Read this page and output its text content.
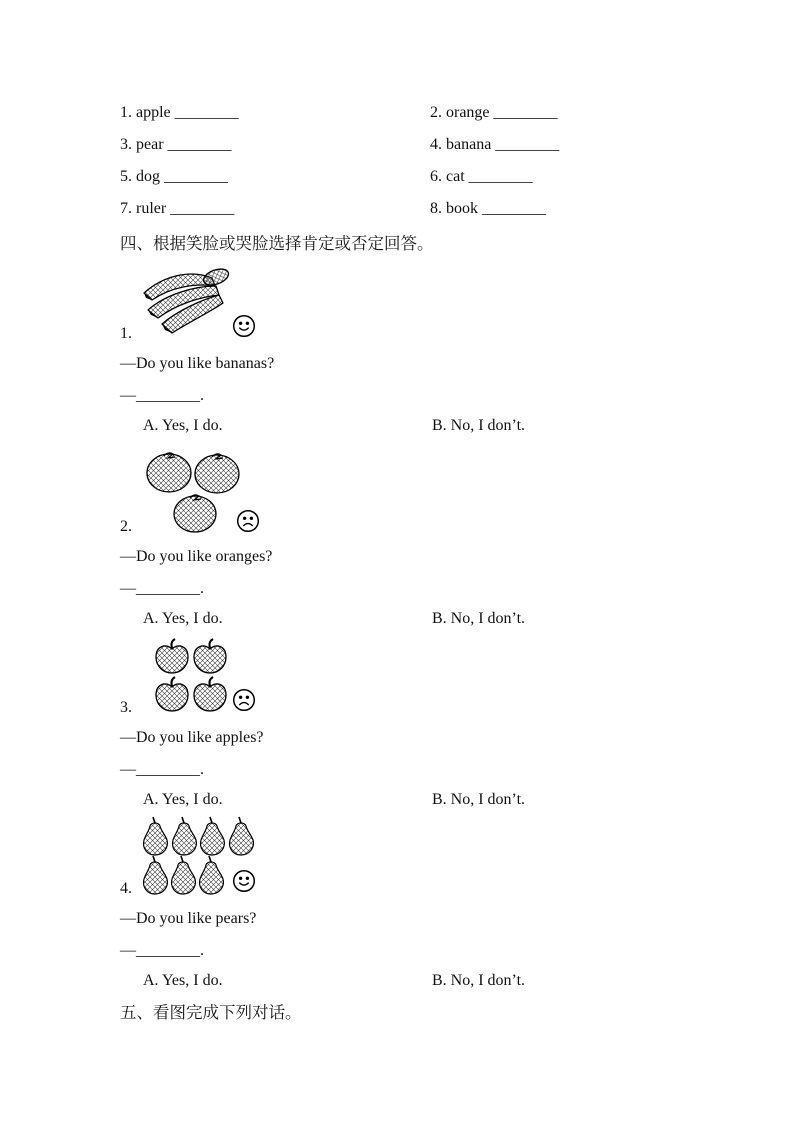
1. apple ________	2. orange ________
3. pear ________	4. banana ________
5. dog ________	6. cat ________
7. ruler ________	8. book ________
四、根据笑脸或哭脸选择肯定或否定回答。
1.
—Do you like bananas?
—________.
A. Yes, I do.	B. No, I don’t.
2.
—Do you like oranges?
—________.
A. Yes, I do.	B. No, I don’t.
3.
—Do you like apples?
—________.
A. Yes, I do.	B. No, I don’t.
4.
—Do you like pears?
—________.
A. Yes, I do.	B. No, I don’t.
五、看图完成下列对话。
